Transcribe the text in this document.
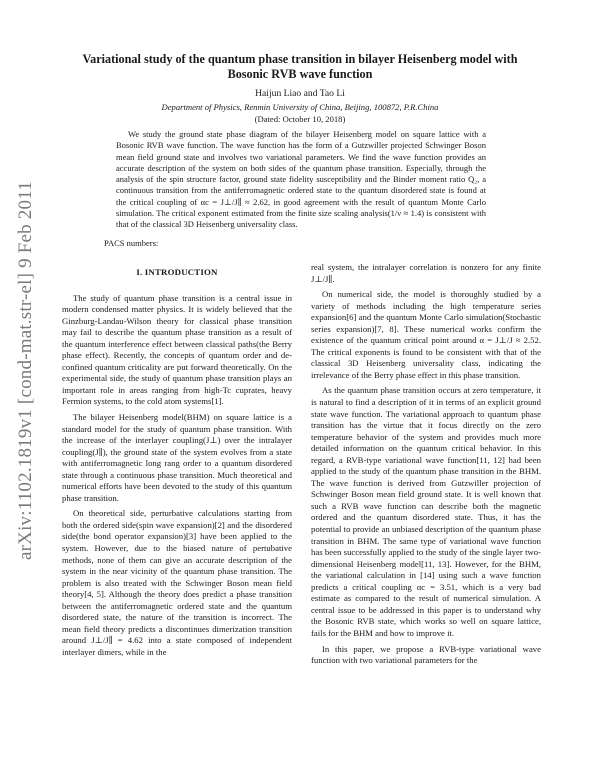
arXiv:1102.1819v1 [cond-mat.str-el] 9 Feb 2011
Variational study of the quantum phase transition in bilayer Heisenberg model with Bosonic RVB wave function
Haijun Liao and Tao Li
Department of Physics, Renmin University of China, Beijing, 100872, P.R.China
(Dated: October 10, 2018)

We study the ground state phase diagram of the bilayer Heisenberg model on square lattice with a Bosonic RVB wave function. The wave function has the form of a Gutzwiller projected Schwinger Boson mean field ground state and involves two variational parameters. We find the wave function provides an accurate description of the system on both sides of the quantum phase transition. Especially, through the analysis of the spin structure factor, ground state fidelity susceptibility and the Binder moment ratio Q₂, a continuous transition from the antiferromagnetic ordered state to the quantum disordered state is found at the critical coupling of αc = J⊥/J∥ ≈ 2.62, in good agreement with the result of quantum Monte Carlo simulation. The critical exponent estimated from the finite size scaling analysis(1/ν ≈ 1.4) is consistent with that of the classical 3D Heisenberg universality class.

PACS numbers:

I. INTRODUCTION

The study of quantum phase transition is a central issue in modern condensed matter physics. It is widely believed that the Ginzburg-Landau-Wilson theory for classical phase transition may fail to describe the quantum phase transition as a result of the quantum interference effect between classical paths(the Berry phase effect). Recently, the concepts of quantum order and de-confined quantum criticality are put forward theoretically. On the experimental side, the study of quantum phase transition plays an important role in areas ranging from high-Tc cuprates, heavy Fermion systems, to the cold atom systems[1].

The bilayer Heisenberg model(BHM) on square lattice is a standard model for the study of quantum phase transition. With the increase of the interlayer coupling(J⊥) over the intralayer coupling(J∥), the ground state of the system evolves from a state with antiferromagnetic long rang order to a quantum disordered state through a continuous phase transition. Much theoretical and numerical efforts have been devoted to the study of this quantum phase transition.

On theoretical side, perturbative calculations starting from both the ordered side(spin wave expansion)[2] and the disordered side(the bond operator expansion)[3] have been applied to the system. However, due to the biased nature of pertubative methods, none of them can give an accurate description of the system in the near vicinity of the quantum phase transition. The problem is also treated with the Schwinger Boson mean field theory[4, 5]. Although the theory does predict a phase transition between the antiferromagnetic ordered state and the quantum disordered state, the nature of the transition is incorrect. The mean field theory predicts a discontinues dimerization transition around J⊥/J∥ = 4.62 into a state composed of independent interlayer dimers, while in the

real system, the intralayer correlation is nonzero for any finite J⊥/J∥.

On numerical side, the model is thoroughly studied by a variety of methods including the high temperature series expansion[6] and the quantum Monte Carlo simulation(Stochastic series expansion)[7, 8]. These numerical works confirm the existence of the quantum critical point around α = J⊥/J ≈ 2.52. The critical exponents is found to be consistent with that of the classical 3D Heisenberg universality class, indicating the irrelevance of the Berry phase effect in this phase transition.

As the quantum phase transition occurs at zero temperature, it is natural to find a description of it in terms of an explicit ground state wave function. The variational approach to quantum phase transition has the virtue that it focus directly on the zero temperature behavior of the system and provides much more detailed information on the quantum critical behavior. In this regard, a RVB-type variational wave function[11, 12] had been applied to the study of the quantum phase transition in the BHM. The wave function is derived from Gutzwiller projection of Schwinger Boson mean field ground state. It is well known that such a RVB wave function can describe both the magnetic ordered and the quantum disordered state. Thus, it has the potential to provide an unbiased description of the quantum phase transition in BHM. The same type of variational wave function has been successfully applied to the study of the single layer two-dimensional Heisenberg model[11, 13]. However, for the BHM, the variational calculation in [14] using such a wave function predicts a critical coupling αc = 3.51, which is a very bad estimate as compared to the result of numerical simulation. A central issue to be addressed in this paper is to understand why the Bosonic RVB state, which works so well on square lattice, fails for the BHM and how to improve it.

In this paper, we propose a RVB-type variational wave function with two variational parameters for the
